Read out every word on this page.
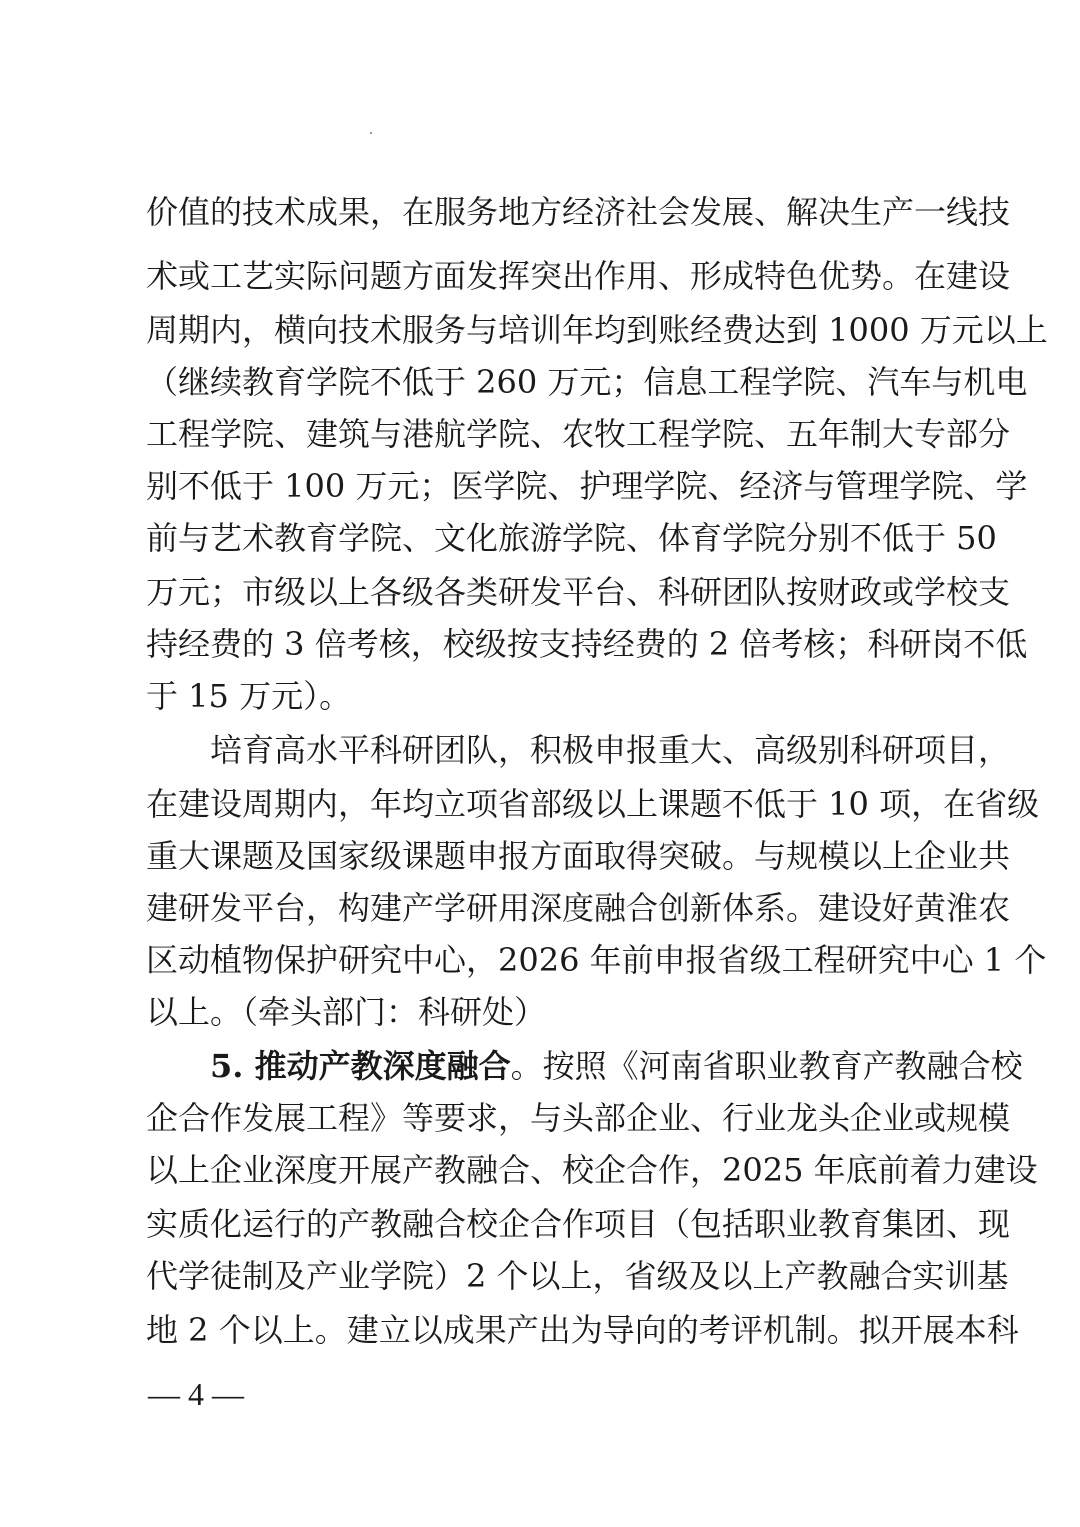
价值的技术成果，在服务地方经济社会发展、解决生产一线技
术或工艺实际问题方面发挥突出作用、形成特色优势。在建设
周期内，横向技术服务与培训年均到账经费达到 1000 万元以上
（继续教育学院不低于 260 万元；信息工程学院、汽车与机电
工程学院、建筑与港航学院、农牧工程学院、五年制大专部分
别不低于 100 万元；医学院、护理学院、经济与管理学院、学
前与艺术教育学院、文化旅游学院、体育学院分别不低于 50
万元；市级以上各级各类研发平台、科研团队按财政或学校支
持经费的 3 倍考核，校级按支持经费的 2 倍考核；科研岗不低
于 15 万元）。
　　培育高水平科研团队，积极申报重大、高级别科研项目，
在建设周期内，年均立项省部级以上课题不低于 10 项，在省级
重大课题及国家级课题申报方面取得突破。与规模以上企业共
建研发平台，构建产学研用深度融合创新体系。建设好黄淮农
区动植物保护研究中心，2026 年前申报省级工程研究中心 1 个
以上。（牵头部门：科研处）
　　5. 推动产教深度融合。按照《河南省职业教育产教融合校
企合作发展工程》等要求，与头部企业、行业龙头企业或规模
以上企业深度开展产教融合、校企合作，2025 年底前着力建设
实质化运行的产教融合校企合作项目（包括职业教育集团、现
代学徒制及产业学院）2 个以上，省级及以上产教融合实训基
地 2 个以上。建立以成果产出为导向的考评机制。拟开展本科
— 4 —
